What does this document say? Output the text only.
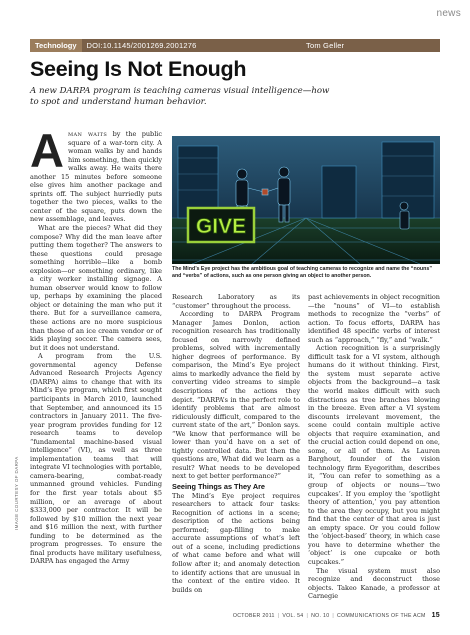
news
Technology	DOI:10.1145/2001269.2001276	Tom Geller
Seeing Is Not Enough
A new DARPA program is teaching cameras visual intelligence—how to spot and understand human behavior.

Aman waits by the public square of a war-torn city. A woman walks by and hands him something, then quickly walks away. He waits there another 15 minutes before someone else gives him another package and sprints off. The subject hurriedly puts together the two pieces, walks to the center of the square, puts down the new assemblage, and leaves.

What are the pieces? What did they compose? Why did the man leave after putting them together? The answers to these questions could presage something horrible—like a bomb explosion—or something ordinary, like a city worker installing signage. A human observer would know to follow up, perhaps by examining the placed object or detaining the man who put it there. But for a surveillance camera, these actions are no more suspicious than those of an ice cream vendor or of kids playing soccer. The camera sees, but it does not understand.

A program from the U.S. governmental agency Defense Advanced Research Projects Agency (DARPA) aims to change that with its Mind’s Eye program, which first sought participants in March 2010, launched that September, and announced its 15 contractors in January 2011. The five-year program provides funding for 12 research teams to develop “fundamental machine-based visual intelligence” (VI), as well as three implementation teams that will integrate VI technologies with portable, camera-bearing, combat-ready unmanned ground vehicles. Funding for the first year totals about $5 million, or an average of about $333,000 per contractor. It will be followed by $10 million the next year and $16 million the next, with further funding to be determined as the program progresses. To ensure the final products have military usefulness, DARPA has engaged the Army

GIVE
The Mind’s Eye project has the ambitious goal of teaching cameras to recognize and name the “nouns” and “verbs” of actions, such as one person giving an object to another person.
IMAGE COURTESY OF DARPA

Research Laboratory as its “customer” throughout the process.

According to DARPA Program Manager James Donlon, action recognition research has traditionally focused on narrowly defined problems, solved with incrementally higher degrees of performance. By comparison, the Mind’s Eye project aims to markedly advance the field by converting video streams to simple descriptions of the actions they depict. “DARPA’s in the perfect role to identify problems that are almost ridiculously difficult, compared to the current state of the art,” Donlon says. “We know that performance will be lower than you’d have on a set of tightly controlled data. But then the questions are, What did we learn as a result? What needs to be developed next to get better performance?”

Seeing Things as They Are

The Mind’s Eye project requires researchers to attack four tasks: Recognition of actions in a scene; description of the actions being performed; gap-filling to make accurate assumptions of what’s left out of a scene, including predictions of what came before and what will follow after it; and anomaly detection to identify actions that are unusual in the context of the entire video. It builds on

past achievements in object recognition—the “nouns” of VI—to establish methods to recognize the “verbs” of action. To focus efforts, DARPA has identified 48 specific verbs of interest such as “approach,” “fly,” and “walk.”

Action recognition is a surprisingly difficult task for a VI system, although humans do it without thinking. First, the system must separate active objects from the background—a task the world makes difficult with such distractions as tree branches blowing in the breeze. Even after a VI system discounts irrelevant movement, the scene could contain multiple active objects that require examination, and the crucial action could depend on one, some, or all of them. As Lauren Barghout, founder of the vision technology firm Eyegorithm, describes it, “You can refer to something as a group of objects or nouns—‘two cupcakes’. If you employ the ‘spotlight theory of attention,’ you pay attention to the area they occupy, but you might find that the center of that area is just an empty space. Or you could follow the ‘object-based’ theory, in which case you have to determine whether the ‘object’ is one cupcake or both cupcakes.”

The visual system must also recognize and deconstruct those objects. Takeo Kanade, a professor at Carnegie

OCTOBER 2011 | VOL. 54 | NO. 10 | COMMUNICATIONS OF THE ACM 15
